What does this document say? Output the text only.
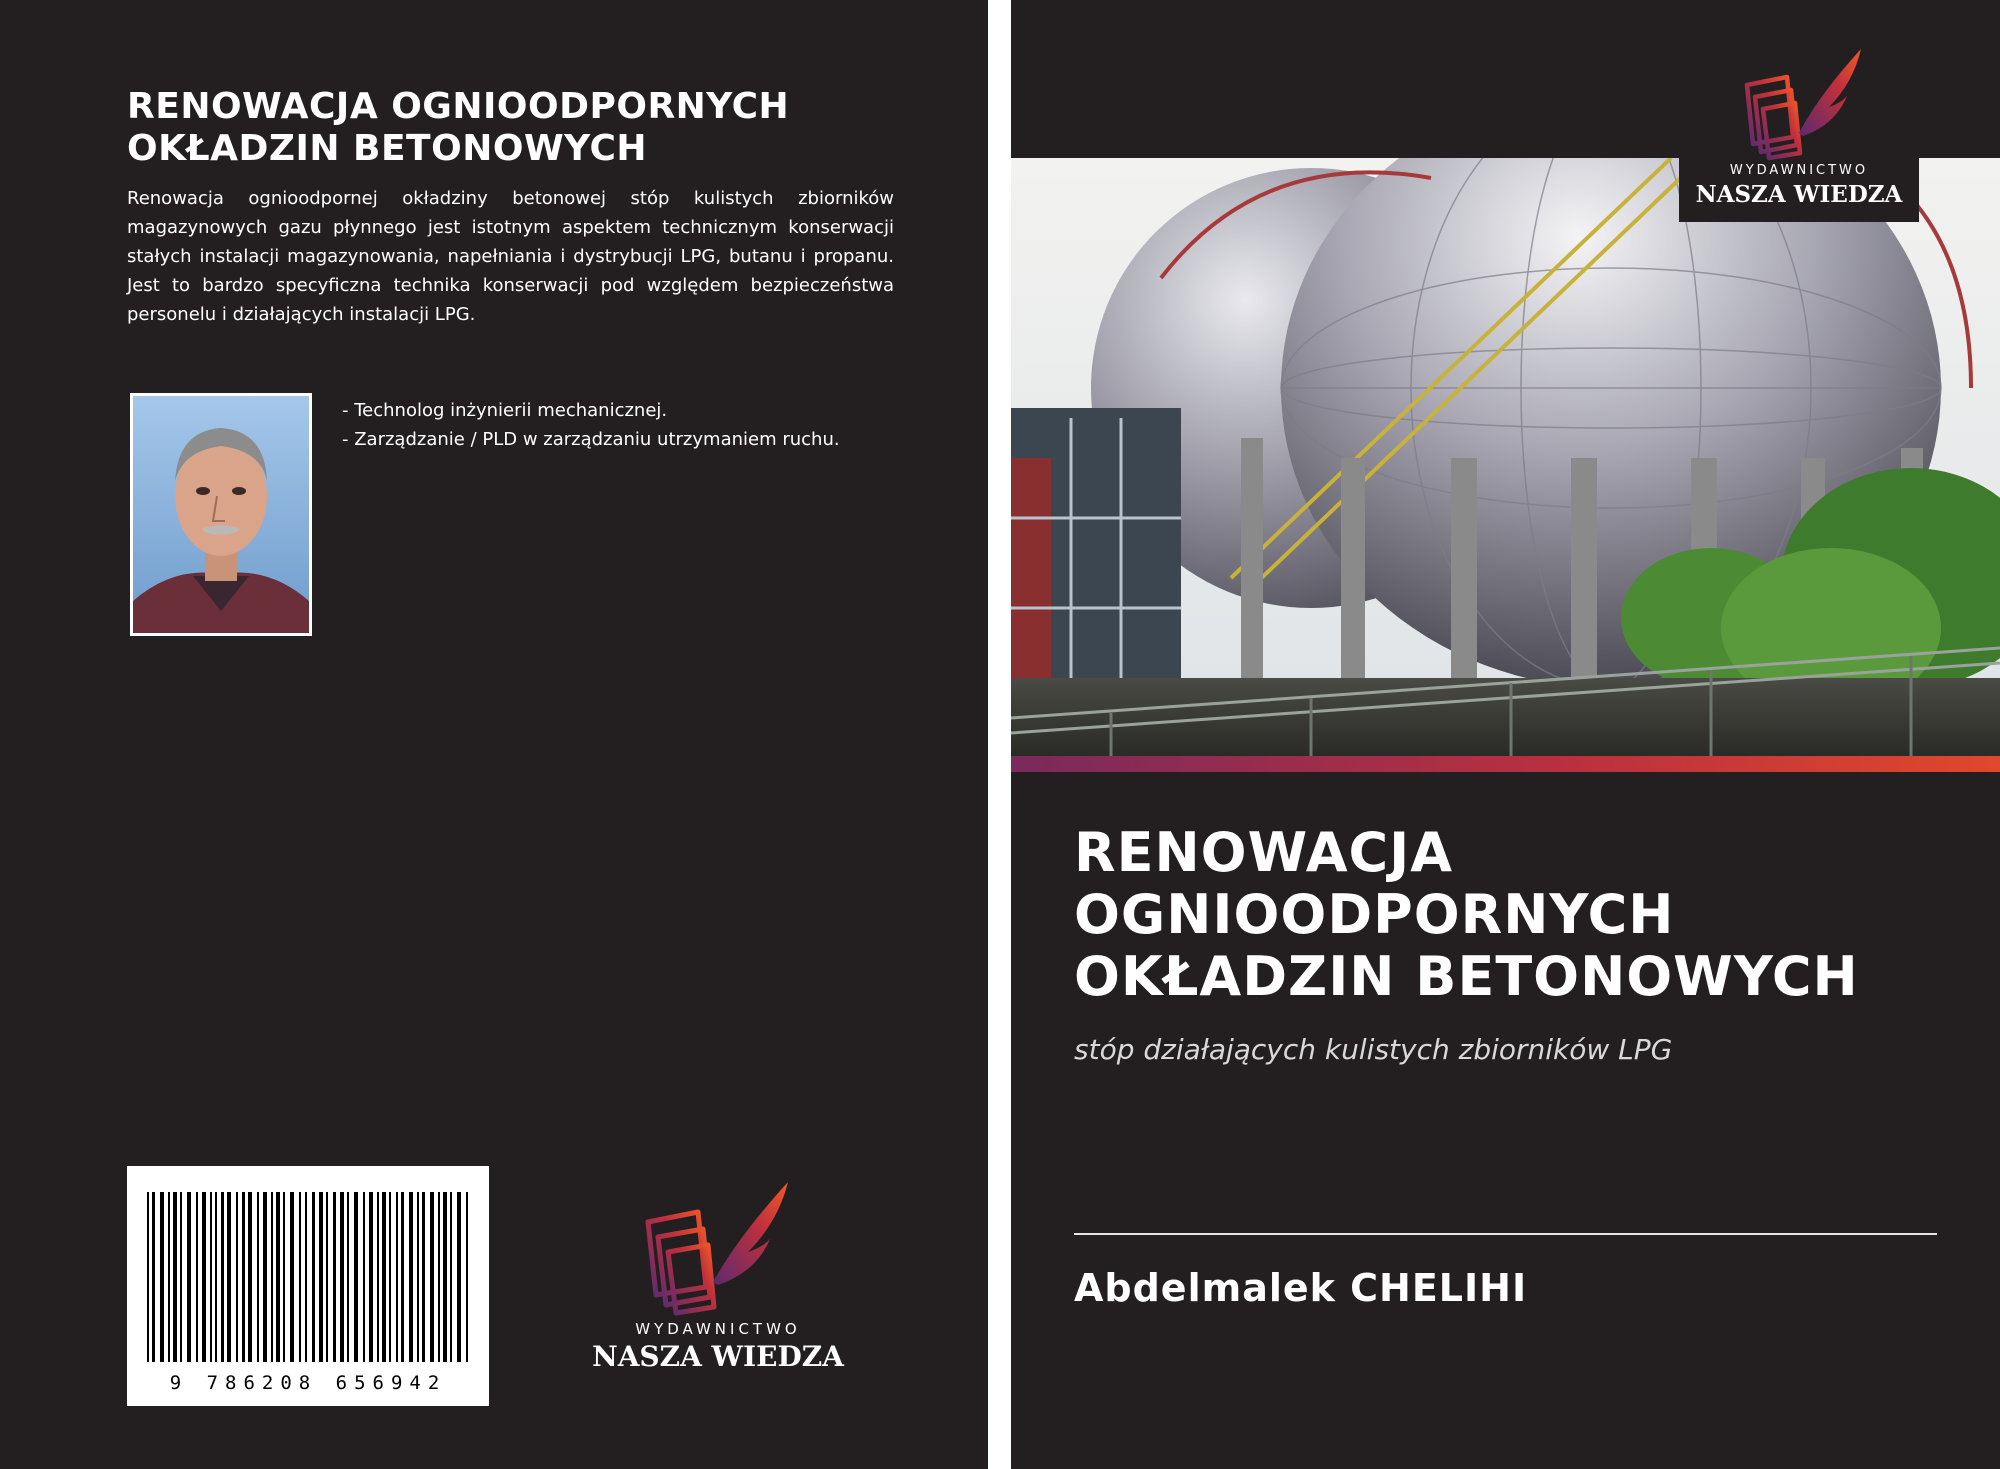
RENOWACJA OGNIOODPORNYCH OKŁADZIN BETONOWYCH

Renowacja ognioodpornej okładziny betonowej stóp kulistych zbiorników magazynowych gazu płynnego jest istotnym aspektem technicznym konserwacji stałych instalacji magazynowania, napełniania i dystrybucji LPG, butanu i propanu. Jest to bardzo specyficzna technika konserwacji pod względem bezpieczeństwa personelu i działających instalacji LPG.

- Technolog inżynierii mechanicznej.
- Zarządzanie / PLD w zarządzaniu utrzymaniem ruchu.
9 786208 656942
WYDAWNICTWO
NASZA WIEDZA
WYDAWNICTWO
NASZA WIEDZA
RENOWACJA OGNIOODPORNYCH OKŁADZIN BETONOWYCH

stóp działających kulistych zbiorników LPG

Abdelmalek CHELIHI
